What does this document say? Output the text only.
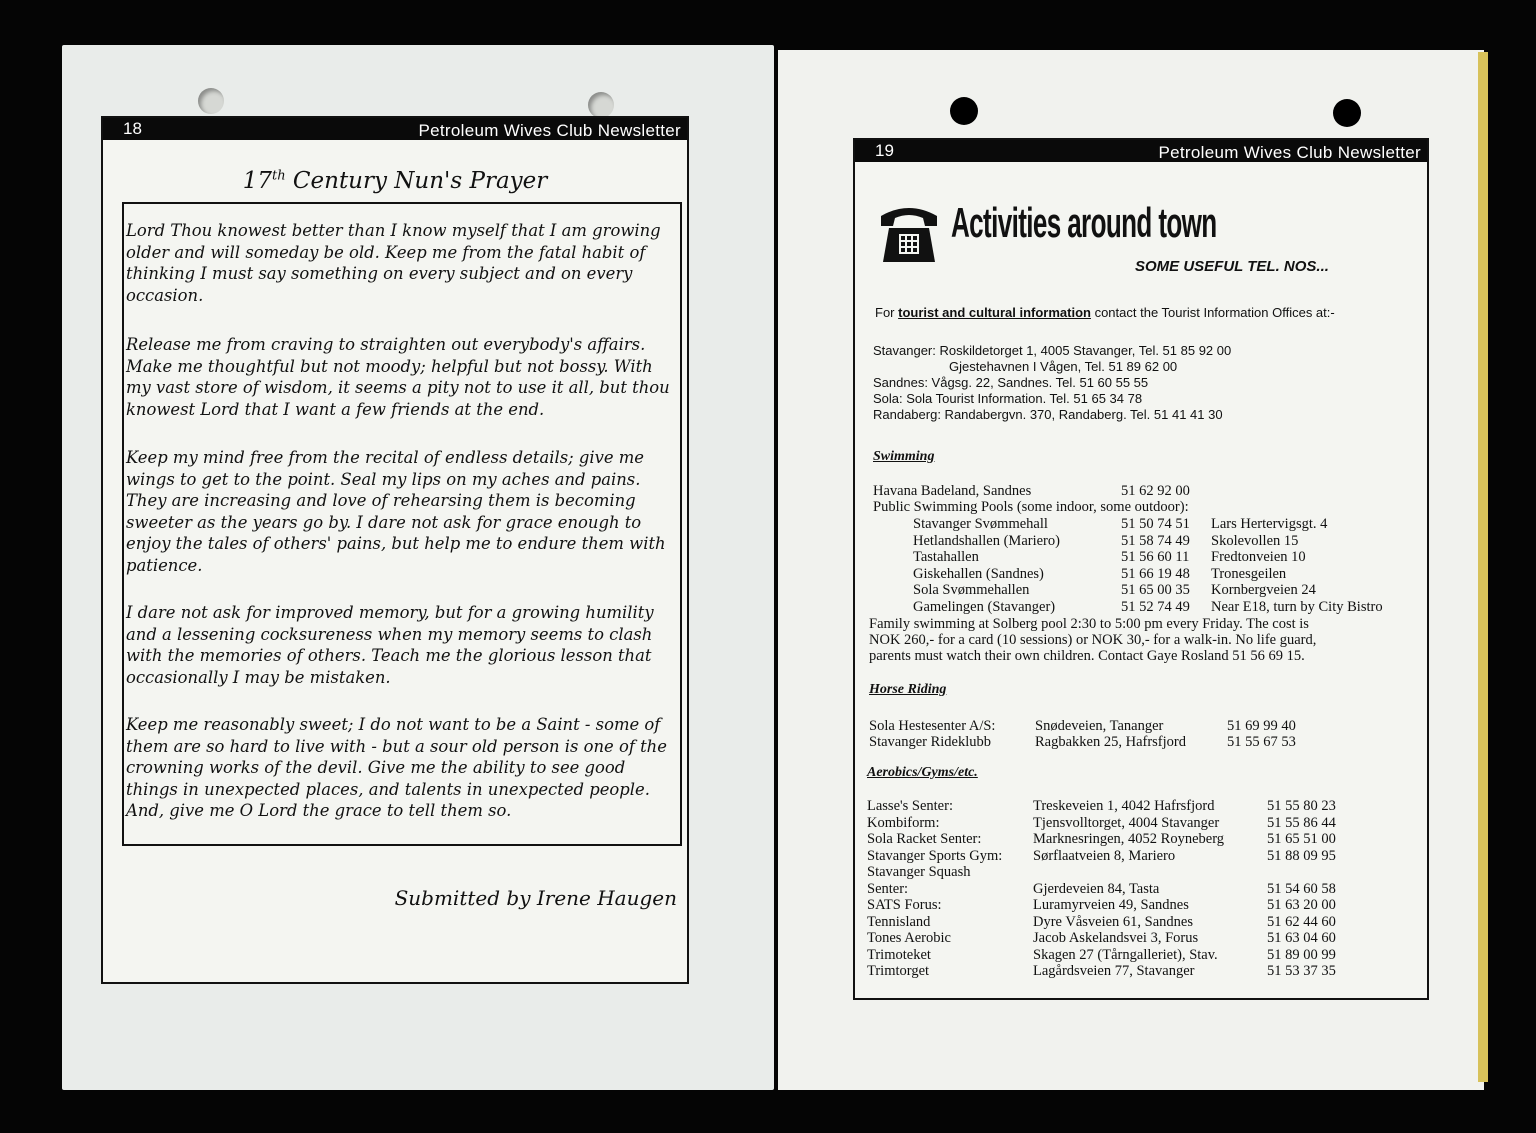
18	Petroleum Wives Club Newsletter
17th Century Nun's Prayer

Lord Thou knowest better than I know myself that I am growing older and will someday be old. Keep me from the fatal habit of thinking I must say something on every subject and on every occasion.

Release me from craving to straighten out everybody's affairs. Make me thoughtful but not moody; helpful but not bossy. With my vast store of wisdom, it seems a pity not to use it all, but thou knowest Lord that I want a few friends at the end.

Keep my mind free from the recital of endless details; give me wings to get to the point. Seal my lips on my aches and pains. They are increasing and love of rehearsing them is becoming sweeter as the years go by. I dare not ask for grace enough to enjoy the tales of others' pains, but help me to endure them with patience.

I dare not ask for improved memory, but for a growing humility and a lessening cocksureness when my memory seems to clash with the memories of others. Teach me the glorious lesson that occasionally I may be mistaken.

Keep me reasonably sweet; I do not want to be a Saint - some of them are so hard to live with - but a sour old person is one of the crowning works of the devil. Give me the ability to see good things in unexpected places, and talents in unexpected people. And, give me O Lord the grace to tell them so.

Submitted by Irene Haugen
19	Petroleum Wives Club Newsletter
Activities around town
SOME USEFUL TEL. NOS...
For tourist and cultural information contact the Tourist Information Offices at:-
Stavanger: Roskildetorget 1, 4005 Stavanger, Tel. 51 85 92 00
Gjestehavnen I Vågen, Tel. 51 89 62 00
Sandnes: Vågsg. 22, Sandnes. Tel. 51 60 55 55
Sola: Sola Tourist Information. Tel. 51 65 34 78
Randaberg: Randabergvn. 370, Randaberg. Tel. 51 41 41 30
Swimming
Havana Badeland, Sandnes	51 62 92 00
Public Swimming Pools (some indoor, some outdoor):
Family swimming at Solberg pool 2:30 to 5:00 pm every Friday. The cost is
NOK 260,- for a card (10 sessions) or NOK 30,- for a walk-in. No life guard,
parents must watch their own children. Contact Gaye Rosland 51 56 69 15.
Horse Riding
Aerobics/Gyms/etc.
Stavanger Svømmehall	51 50 74 51 Lars Hertervigsgt. 4
Hetlandshallen (Mariero)	51 58 74 49 Skolevollen 15
Tastahallen	51 56 60 11 Fredtonveien 10
Giskehallen (Sandnes)	51 66 19 48 Tronesgeilen
Sola Svømmehallen	51 65 00 35 Kornbergveien 24
Gamelingen (Stavanger)	51 52 74 49 Near E18, turn by City Bistro
Sola Hestesenter A/S:	Snødeveien, Tananger	51 69 99 40
Stavanger Rideklubb	Ragbakken 25, Hafrsfjord	51 55 67 53
Lasse's Senter:	Treskeveien 1, 4042 Hafrsfjord	51 55 80 23
Kombiform:	Tjensvolltorget, 4004 Stavanger	51 55 86 44
Sola Racket Senter:	Marknesringen, 4052 Royneberg	51 65 51 00
Stavanger Sports Gym: Sørflaatveien 8, Mariero	51 88 09 95
Stavanger Squash
Senter:	Gjerdeveien 84, Tasta	51 54 60 58
SATS Forus:	Luramyrveien 49, Sandnes	51 63 20 00
Tennisland	Dyre Våsveien 61, Sandnes	51 62 44 60
Tones Aerobic	Jacob Askelandsvei 3, Forus	51 63 04 60
Trimoteket	Skagen 27 (Tårngalleriet), Stav.	51 89 00 99
Trimtorget	Lagårdsveien 77, Stavanger	51 53 37 35
